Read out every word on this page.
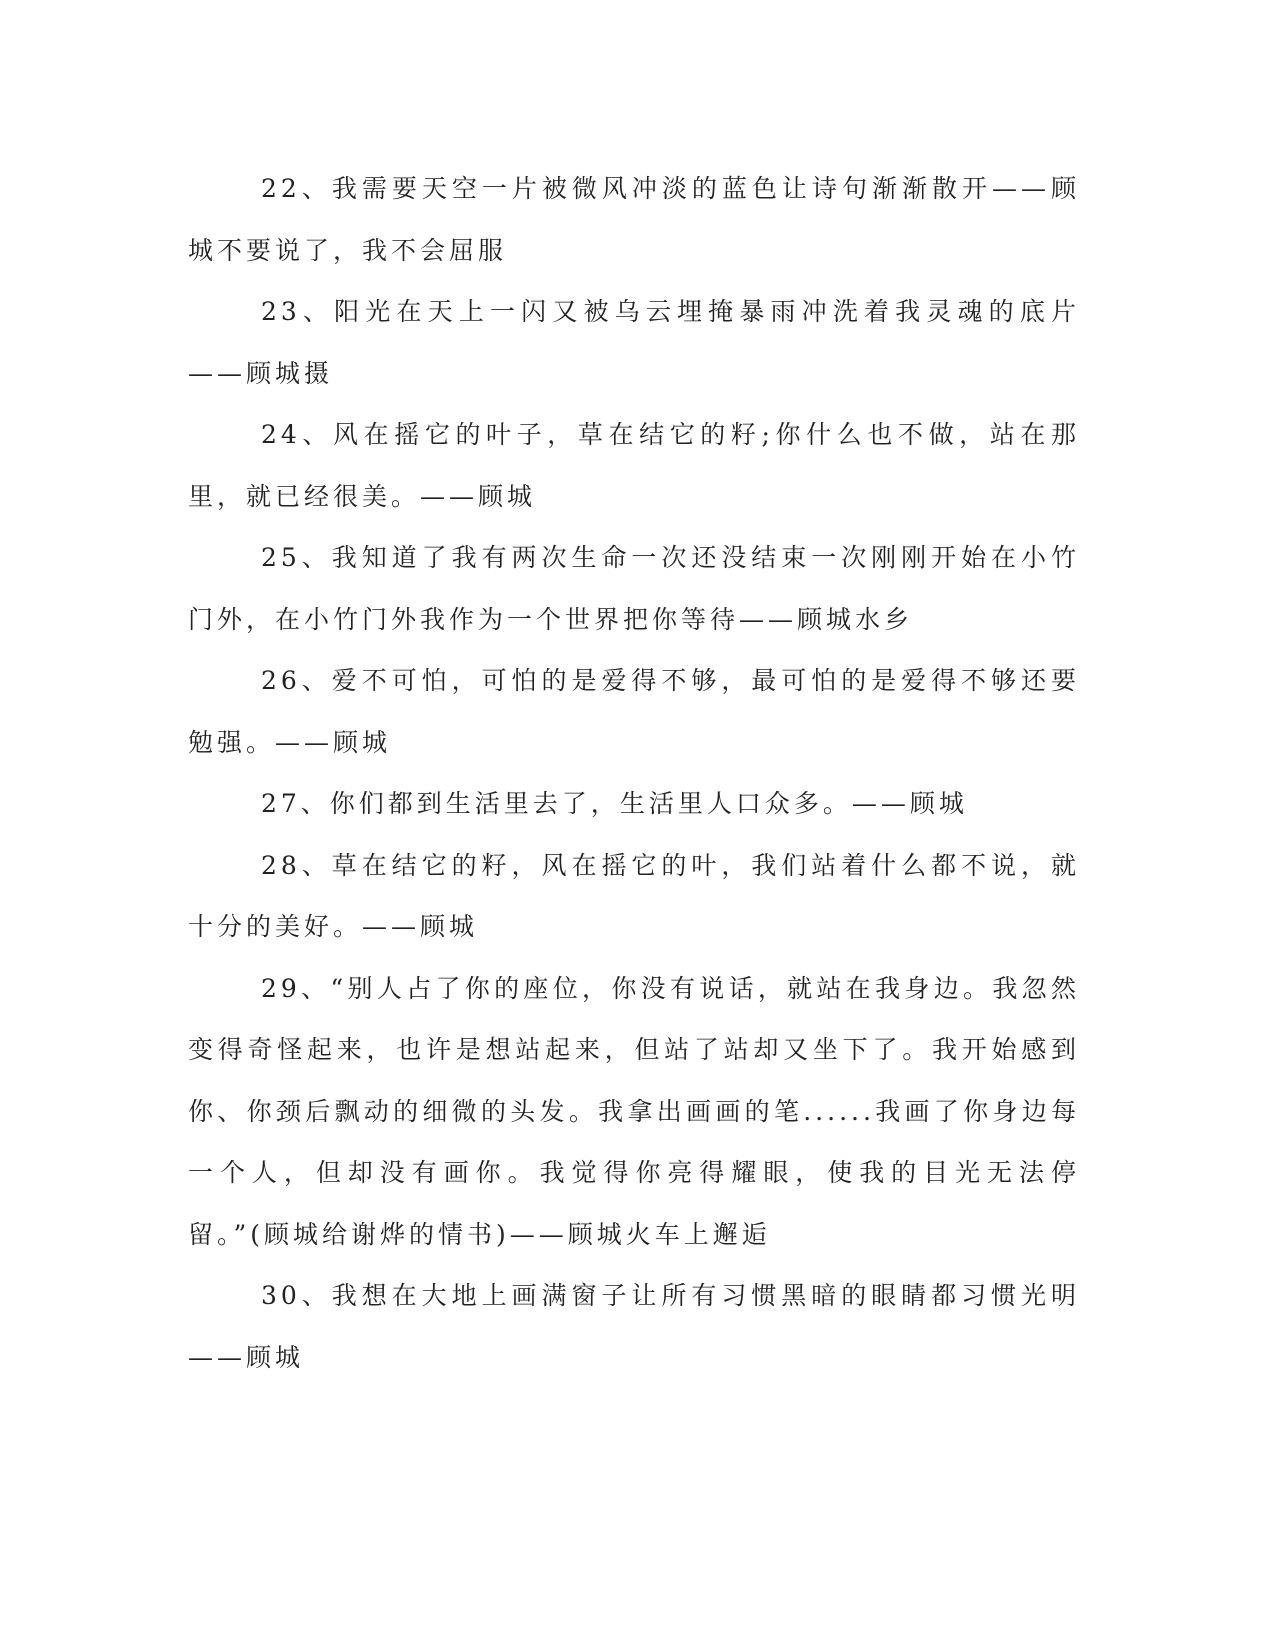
22、我需要天空一片被微风冲淡的蓝色让诗句渐渐散开——顾城不要说了，我不会屈服

23、阳光在天上一闪又被乌云埋掩暴雨冲洗着我灵魂的底片——顾城摄

24、风在摇它的叶子，草在结它的籽;你什么也不做，站在那里，就已经很美。——顾城

25、我知道了我有两次生命一次还没结束一次刚刚开始在小竹门外，在小竹门外我作为一个世界把你等待——顾城水乡

26、爱不可怕，可怕的是爱得不够，最可怕的是爱得不够还要勉强。——顾城

27、你们都到生活里去了，生活里人口众多。——顾城

28、草在结它的籽，风在摇它的叶，我们站着什么都不说，就十分的美好。——顾城

29、“别人占了你的座位，你没有说话，就站在我身边。我忽然变得奇怪起来，也许是想站起来，但站了站却又坐下了。我开始感到你、你颈后飘动的细微的头发。我拿出画画的笔......我画了你身边每一个人，但却没有画你。我觉得你亮得耀眼，使我的目光无法停留。”(顾城给谢烨的情书)——顾城火车上邂逅

30、我想在大地上画满窗子让所有习惯黑暗的眼睛都习惯光明——顾城
